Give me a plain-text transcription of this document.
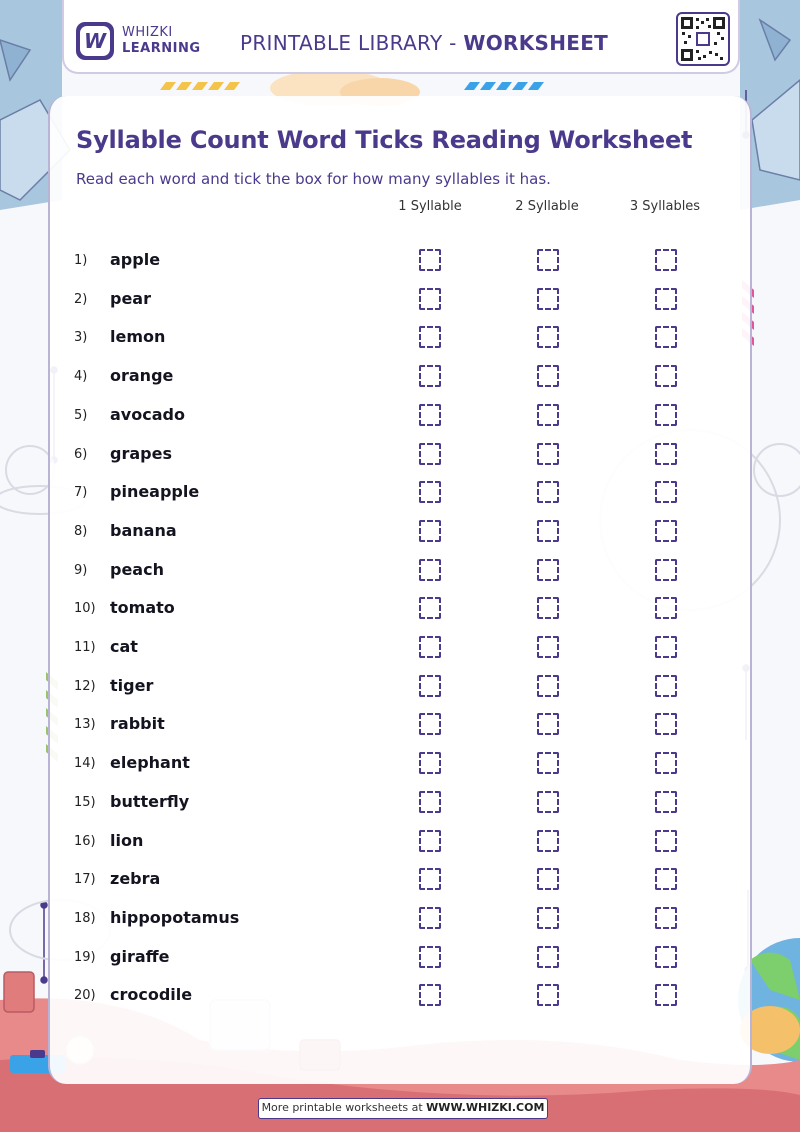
W	WHIZKI
LEARNING PRINTABLE LIBRARY - WORKSHEET
Syllable Count Word Ticks Reading Worksheet

Read each word and tick the box for how many syllables it has.

1 Syllable	2 Syllable	3 Syllables
1) apple
2) pear
3) lemon
4) orange
5) avocado
6) grapes
7) pineapple
8) banana
9) peach
10) tomato
11) cat
12) tiger
13) rabbit
14) elephant
15) butterfly
16) lion
17) zebra
18) hippopotamus
19) giraffe
20) crocodile
More printable worksheets at WWW.WHIZKI.COM
